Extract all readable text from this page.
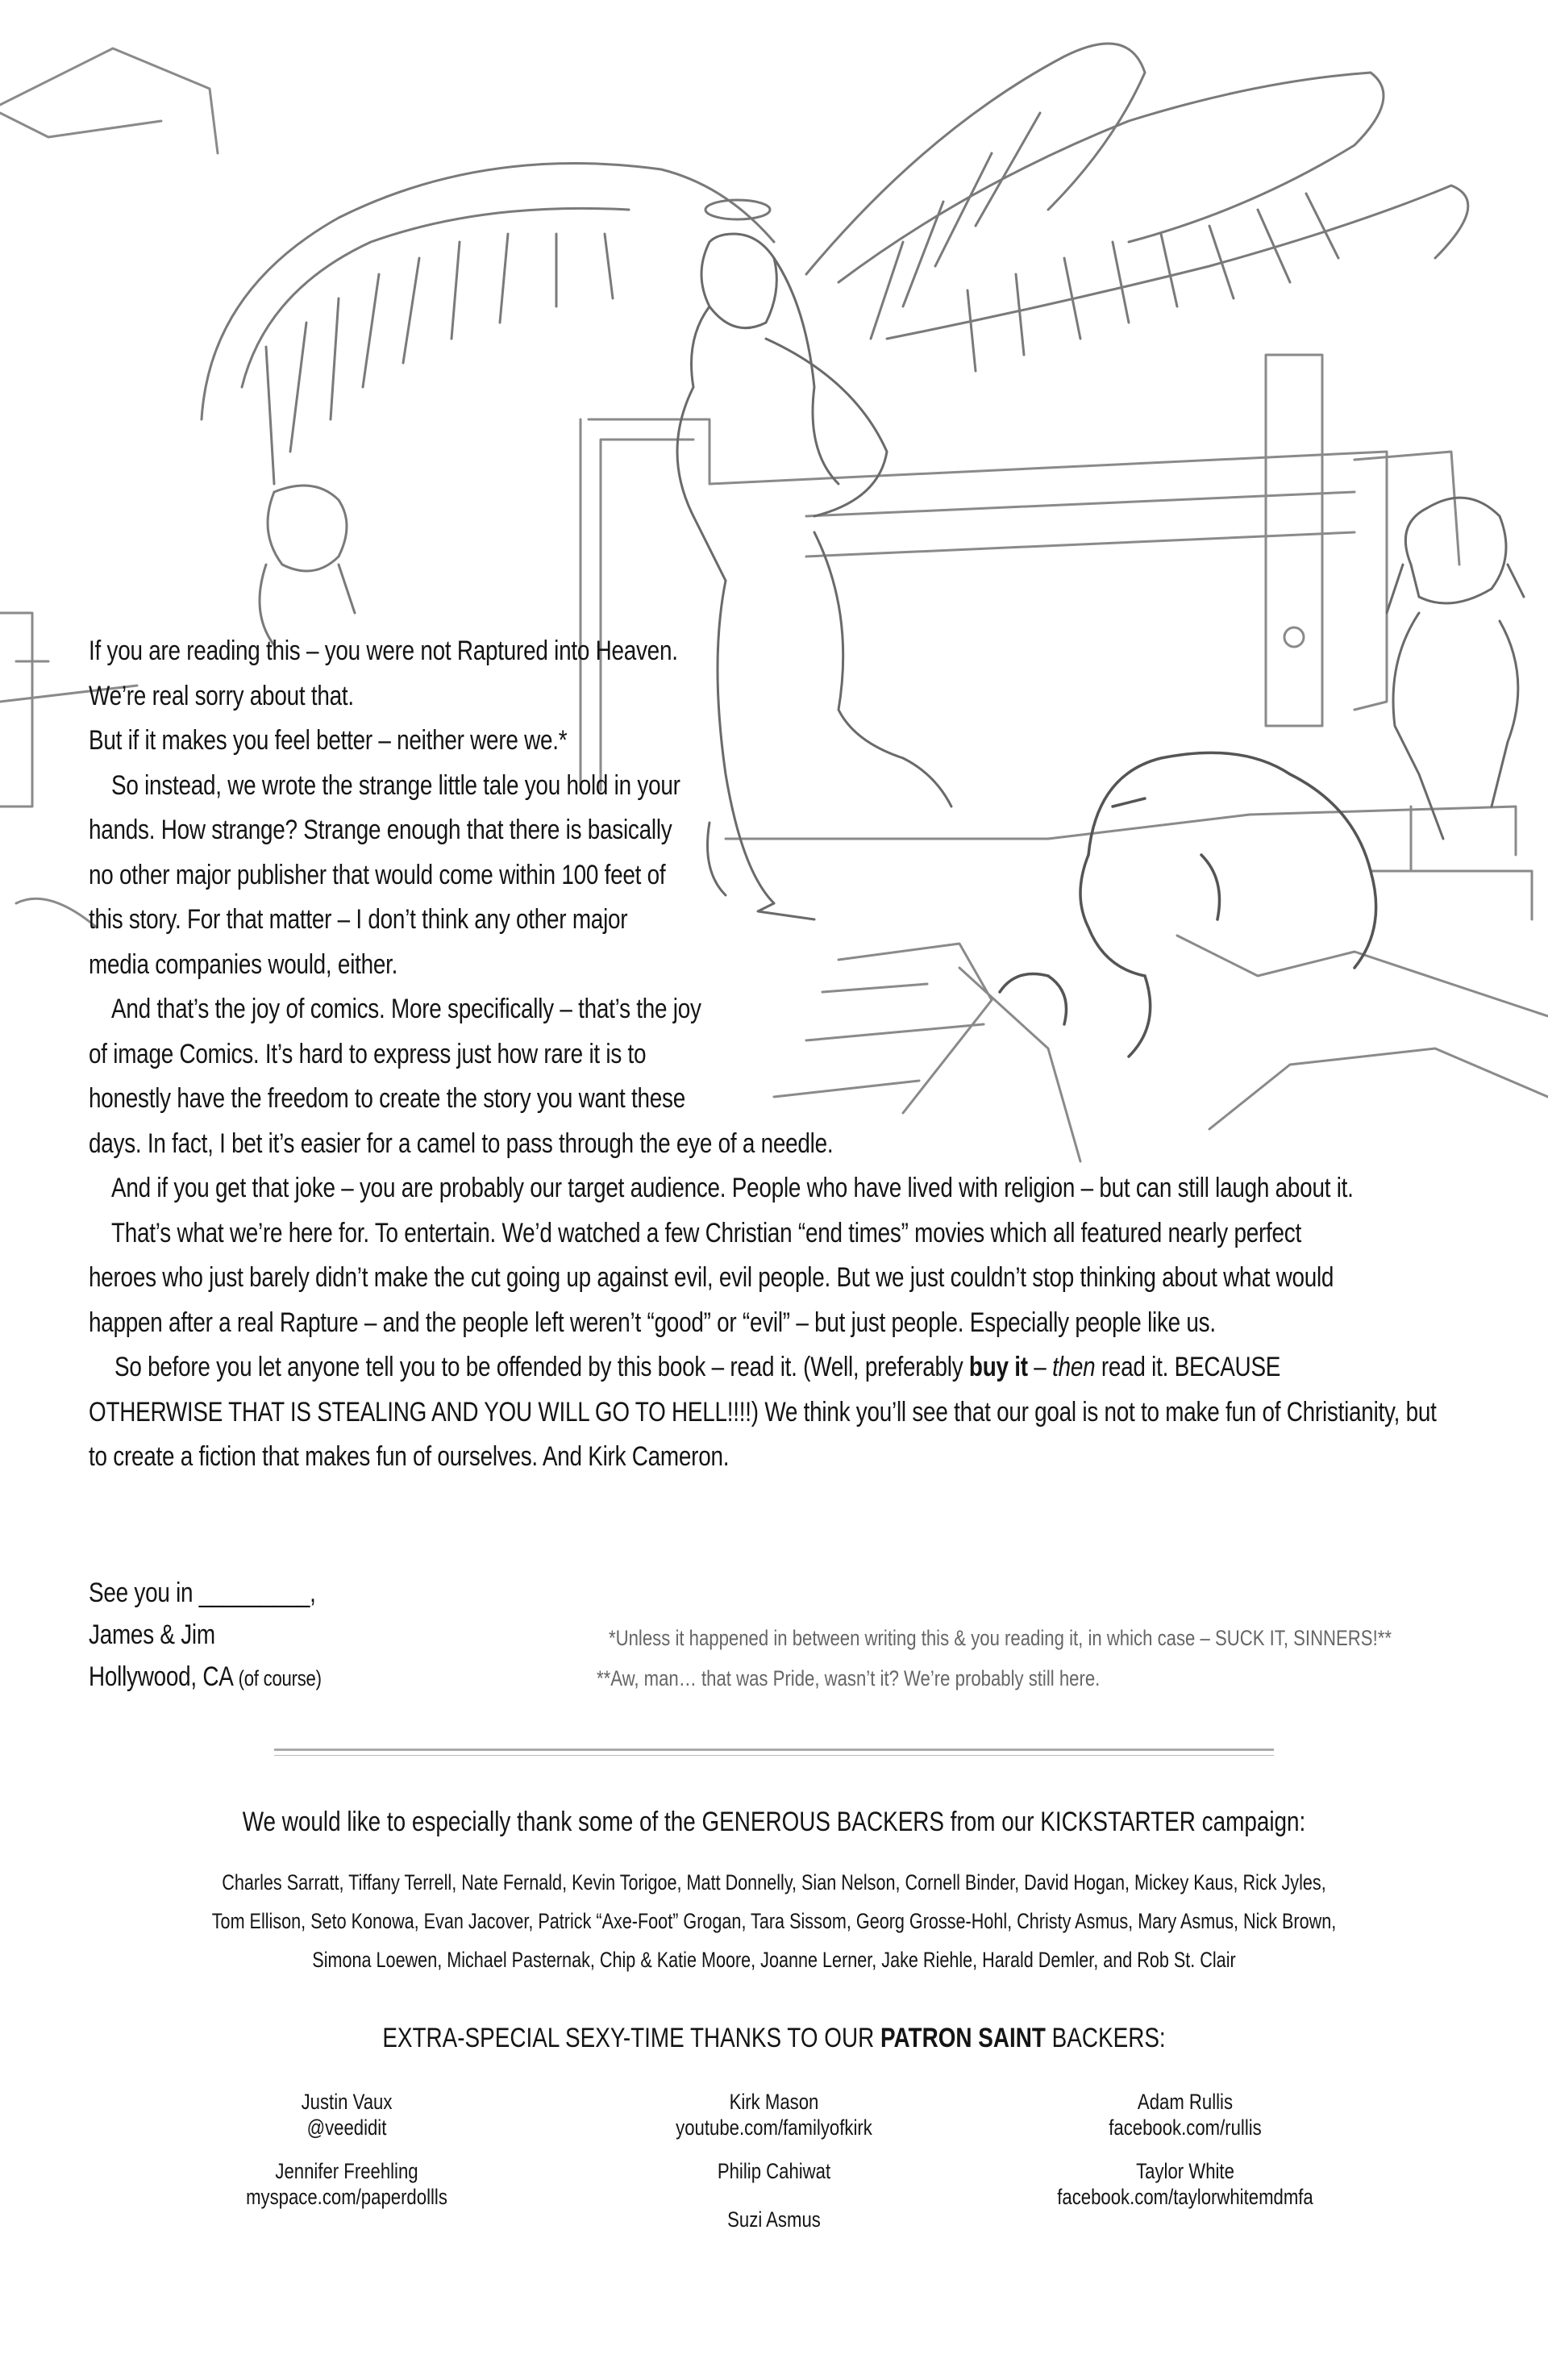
If you are reading this – you were not Raptured into Heaven.
We’re real sorry about that.
But if it makes you feel better – neither were we.*
So instead, we wrote the strange little tale you hold in your
hands. How strange? Strange enough that there is basically
no other major publisher that would come within 100 feet of
this story. For that matter – I don’t think any other major
media companies would, either.
And that’s the joy of comics. More specifically – that’s the joy
of image Comics. It’s hard to express just how rare it is to
honestly have the freedom to create the story you want these
days. In fact, I bet it’s easier for a camel to pass through the eye of a needle.
And if you get that joke – you are probably our target audience. People who have lived with religion – but can still laugh about it.
That’s what we’re here for. To entertain. We’d watched a few Christian “end times” movies which all featured nearly perfect
heroes who just barely didn’t make the cut going up against evil, evil people. But we just couldn’t stop thinking about what would
happen after a real Rapture – and the people left weren’t “good” or “evil” – but just people. Especially people like us.
So before you let anyone tell you to be offended by this book – read it. (Well, preferably buy it – then read it. BECAUSE
OTHERWISE THAT IS STEALING AND YOU WILL GO TO HELL!!!!) We think you’ll see that our goal is not to make fun of Christianity, but
to create a fiction that makes fun of ourselves. And Kirk Cameron.
See you in _________,
James & Jim
Hollywood, CA (of course)
*Unless it happened in between writing this & you reading it, in which case – SUCK IT, SINNERS!**
**Aw, man… that was Pride, wasn’t it? We’re probably still here.
We would like to especially thank some of the GENEROUS BACKERS from our KICKSTARTER campaign:
Charles Sarratt, Tiffany Terrell, Nate Fernald, Kevin Torigoe, Matt Donnelly, Sian Nelson, Cornell Binder, David Hogan, Mickey Kaus, Rick Jyles,
Tom Ellison, Seto Konowa, Evan Jacover, Patrick “Axe-Foot” Grogan, Tara Sissom, Georg Grosse-Hohl, Christy Asmus, Mary Asmus, Nick Brown,
Simona Loewen, Michael Pasternak, Chip & Katie Moore, Joanne Lerner, Jake Riehle, Harald Demler, and Rob St. Clair
EXTRA-SPECIAL SEXY-TIME THANKS TO OUR PATRON SAINT BACKERS:
Justin Vaux
@veedidit
Jennifer Freehling
myspace.com/paperdollls
Kirk Mason
youtube.com/familyofkirk
Philip Cahiwat
Suzi Asmus
Adam Rullis
facebook.com/rullis
Taylor White
facebook.com/taylorwhitemdmfa
